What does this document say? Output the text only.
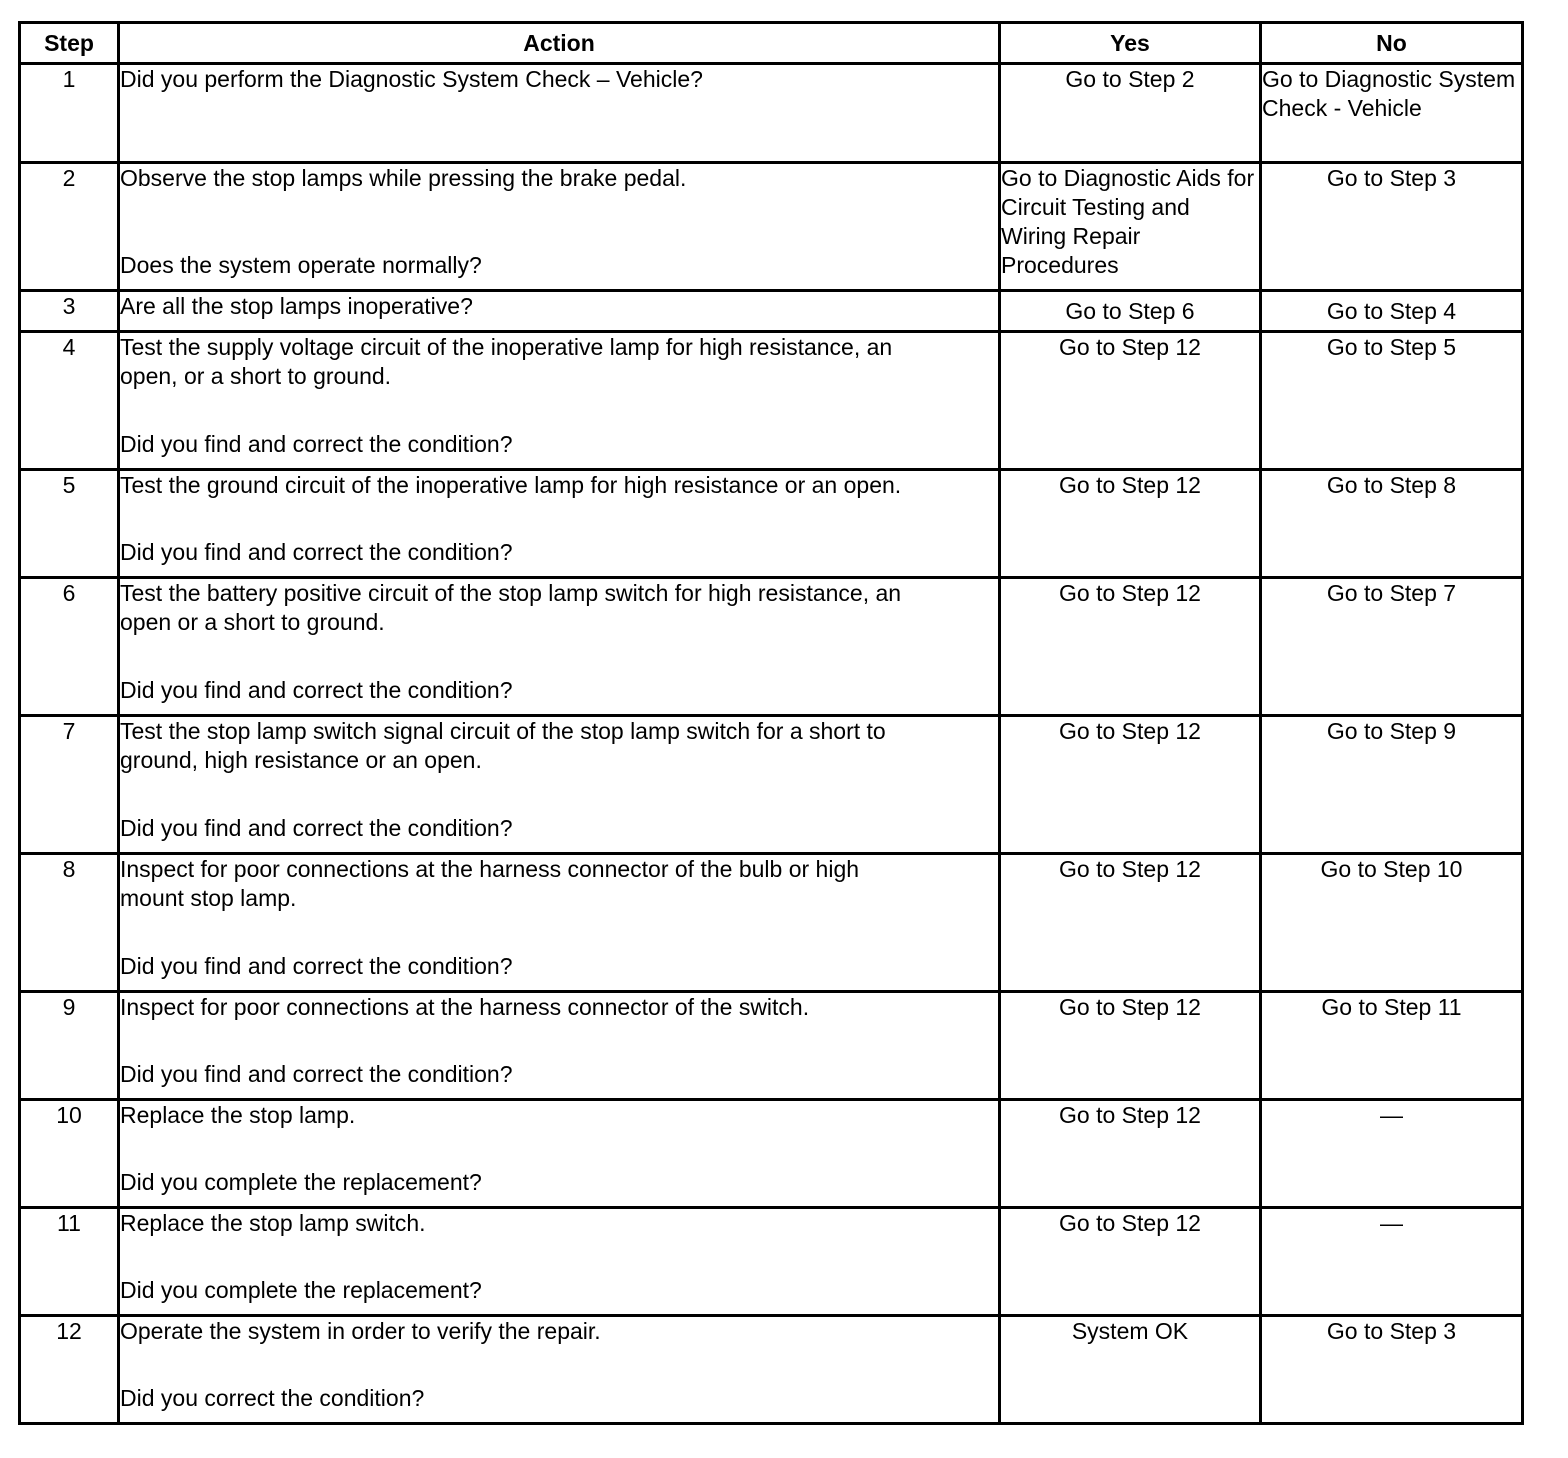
Step	Action	Yes	No
1	Did you perform the Diagnostic System Check – Vehicle?	Go to Step 2	Go to Diagnostic System Check - Vehicle
2	Observe the stop lamps while pressing the brake pedal.
Does the system operate normally?	Go to Diagnostic Aids for Circuit Testing and Wiring Repair Procedures	Go to Step 3
3	Are all the stop lamps inoperative?	Go to Step 6	Go to Step 4
4	Test the supply voltage circuit of the inoperative lamp for high resistance, an
open, or a short to ground.
Did you find and correct the condition?	Go to Step 12	Go to Step 5
5	Test the ground circuit of the inoperative lamp for high resistance or an open.
Did you find and correct the condition?	Go to Step 12	Go to Step 8
6	Test the battery positive circuit of the stop lamp switch for high resistance, an
open or a short to ground.
Did you find and correct the condition?	Go to Step 12	Go to Step 7
7	Test the stop lamp switch signal circuit of the stop lamp switch for a short to
ground, high resistance or an open.
Did you find and correct the condition?	Go to Step 12	Go to Step 9
8	Inspect for poor connections at the harness connector of the bulb or high
mount stop lamp.
Did you find and correct the condition?	Go to Step 12	Go to Step 10
9	Inspect for poor connections at the harness connector of the switch.
Did you find and correct the condition?	Go to Step 12	Go to Step 11
10	Replace the stop lamp.
Did you complete the replacement?	Go to Step 12	—
11	Replace the stop lamp switch.
Did you complete the replacement?	Go to Step 12	—
12	Operate the system in order to verify the repair.
Did you correct the condition?	System OK	Go to Step 3
